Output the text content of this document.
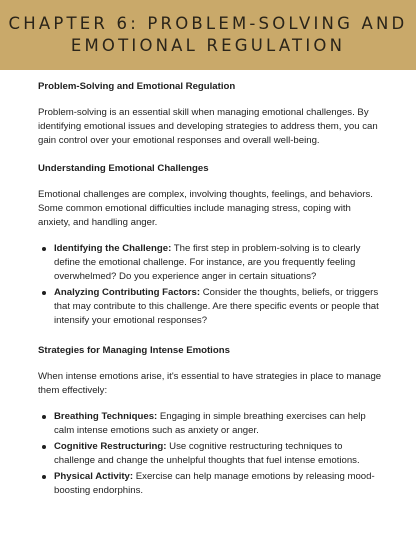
CHAPTER 6: PROBLEM-SOLVING AND
EMOTIONAL REGULATION

Problem-Solving and Emotional Regulation

Problem-solving is an essential skill when managing emotional challenges. By identifying emotional issues and developing strategies to address them, you can gain control over your emotional responses and overall well-being.

Understanding Emotional Challenges

Emotional challenges are complex, involving thoughts, feelings, and behaviors. Some common emotional difficulties include managing stress, coping with anxiety, and handling anger.

Identifying the Challenge: The first step in problem-solving is to clearly define the emotional challenge. For instance, are you frequently feeling overwhelmed? Do you experience anger in certain situations?
Analyzing Contributing Factors: Consider the thoughts, beliefs, or triggers that may contribute to this challenge. Are there specific events or people that intensify your emotional responses?

Strategies for Managing Intense Emotions

When intense emotions arise, it's essential to have strategies in place to manage them effectively:

Breathing Techniques: Engaging in simple breathing exercises can help calm intense emotions such as anxiety or anger.
Cognitive Restructuring: Use cognitive restructuring techniques to challenge and change the unhelpful thoughts that fuel intense emotions.
Physical Activity: Exercise can help manage emotions by releasing mood-boosting endorphins.
